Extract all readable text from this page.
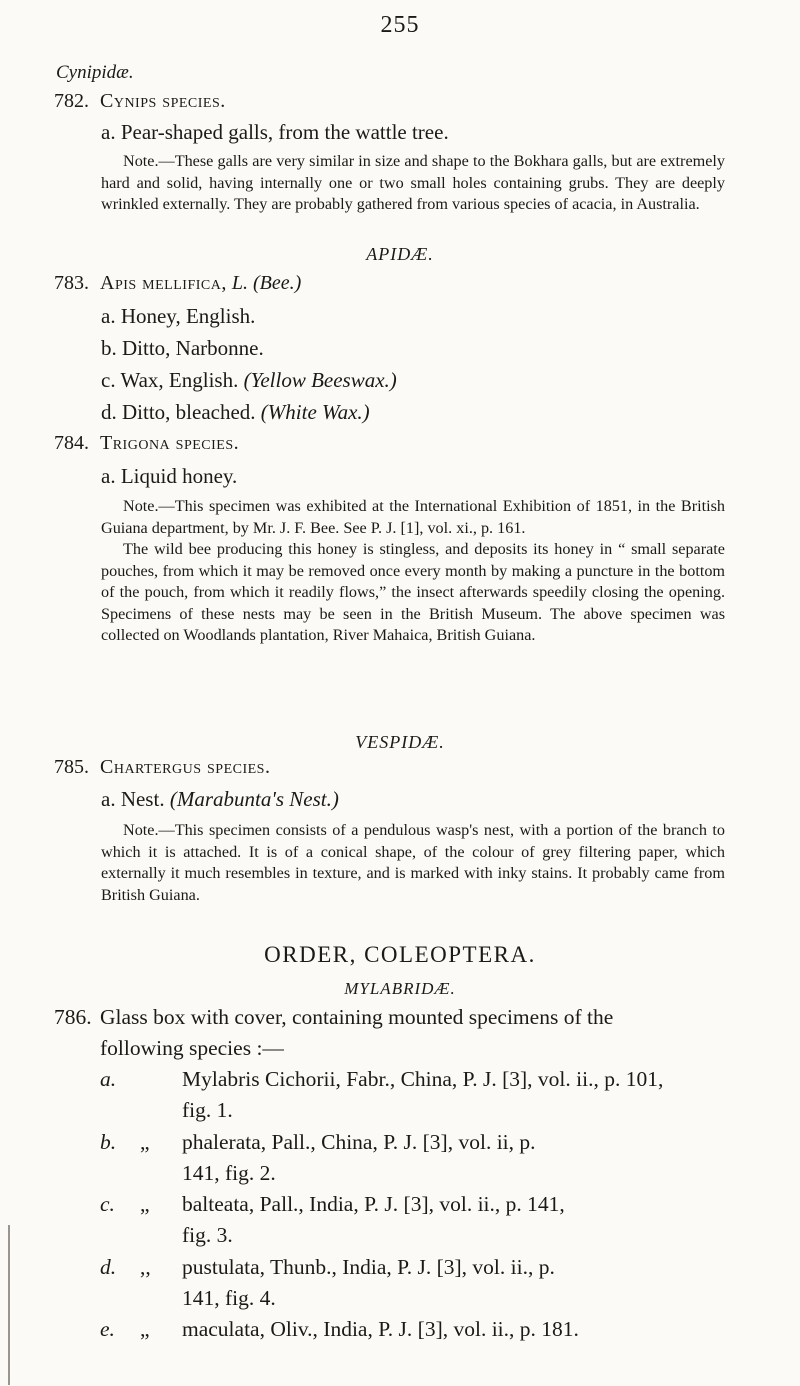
255
Cynipidæ.
782. Cynips species.
a. Pear-shaped galls, from the wattle tree.

Note.—These galls are very similar in size and shape to the Bokhara galls, but are extremely hard and solid, having internally one or two small holes containing grubs. They are deeply wrinkled externally. They are probably gathered from various species of acacia, in Australia.

APIDÆ.
783. Apis mellifica, L. (Bee.)
a. Honey, English.
b. Ditto, Narbonne.
c. Wax, English. (Yellow Beeswax.)
d. Ditto, bleached. (White Wax.)
784. Trigona species.
a. Liquid honey.

Note.—This specimen was exhibited at the International Exhibition of 1851, in the British Guiana department, by Mr. J. F. Bee. See P. J. [1], vol. xi., p. 161.

The wild bee producing this honey is stingless, and deposits its honey in “ small separate pouches, from which it may be removed once every month by making a puncture in the bottom of the pouch, from which it readily flows,” the insect afterwards speedily closing the opening. Specimens of these nests may be seen in the British Museum. The above specimen was collected on Woodlands plantation, River Mahaica, British Guiana.

VESPIDÆ.
785. Chartergus species.
a. Nest. (Marabunta's Nest.)

Note.—This specimen consists of a pendulous wasp's nest, with a portion of the branch to which it is attached. It is of a conical shape, of the colour of grey filtering paper, which externally it much resembles in texture, and is marked with inky stains. It probably came from British Guiana.

ORDER, COLEOPTERA.
MYLABRIDÆ.
786. Glass box with cover, containing mounted specimens of the
following species :—
a.	Mylabris Cichorii, Fabr., China, P. J. [3], vol. ii., p. 101,
fig. 1.
b. „ phalerata, Pall., China, P. J. [3], vol. ii, p.
141, fig. 2.
c. „ balteata, Pall., India, P. J. [3], vol. ii., p. 141,
fig. 3.
d. ,, pustulata, Thunb., India, P. J. [3], vol. ii., p.
141, fig. 4.
e. „ maculata, Oliv., India, P. J. [3], vol. ii., p. 181.
